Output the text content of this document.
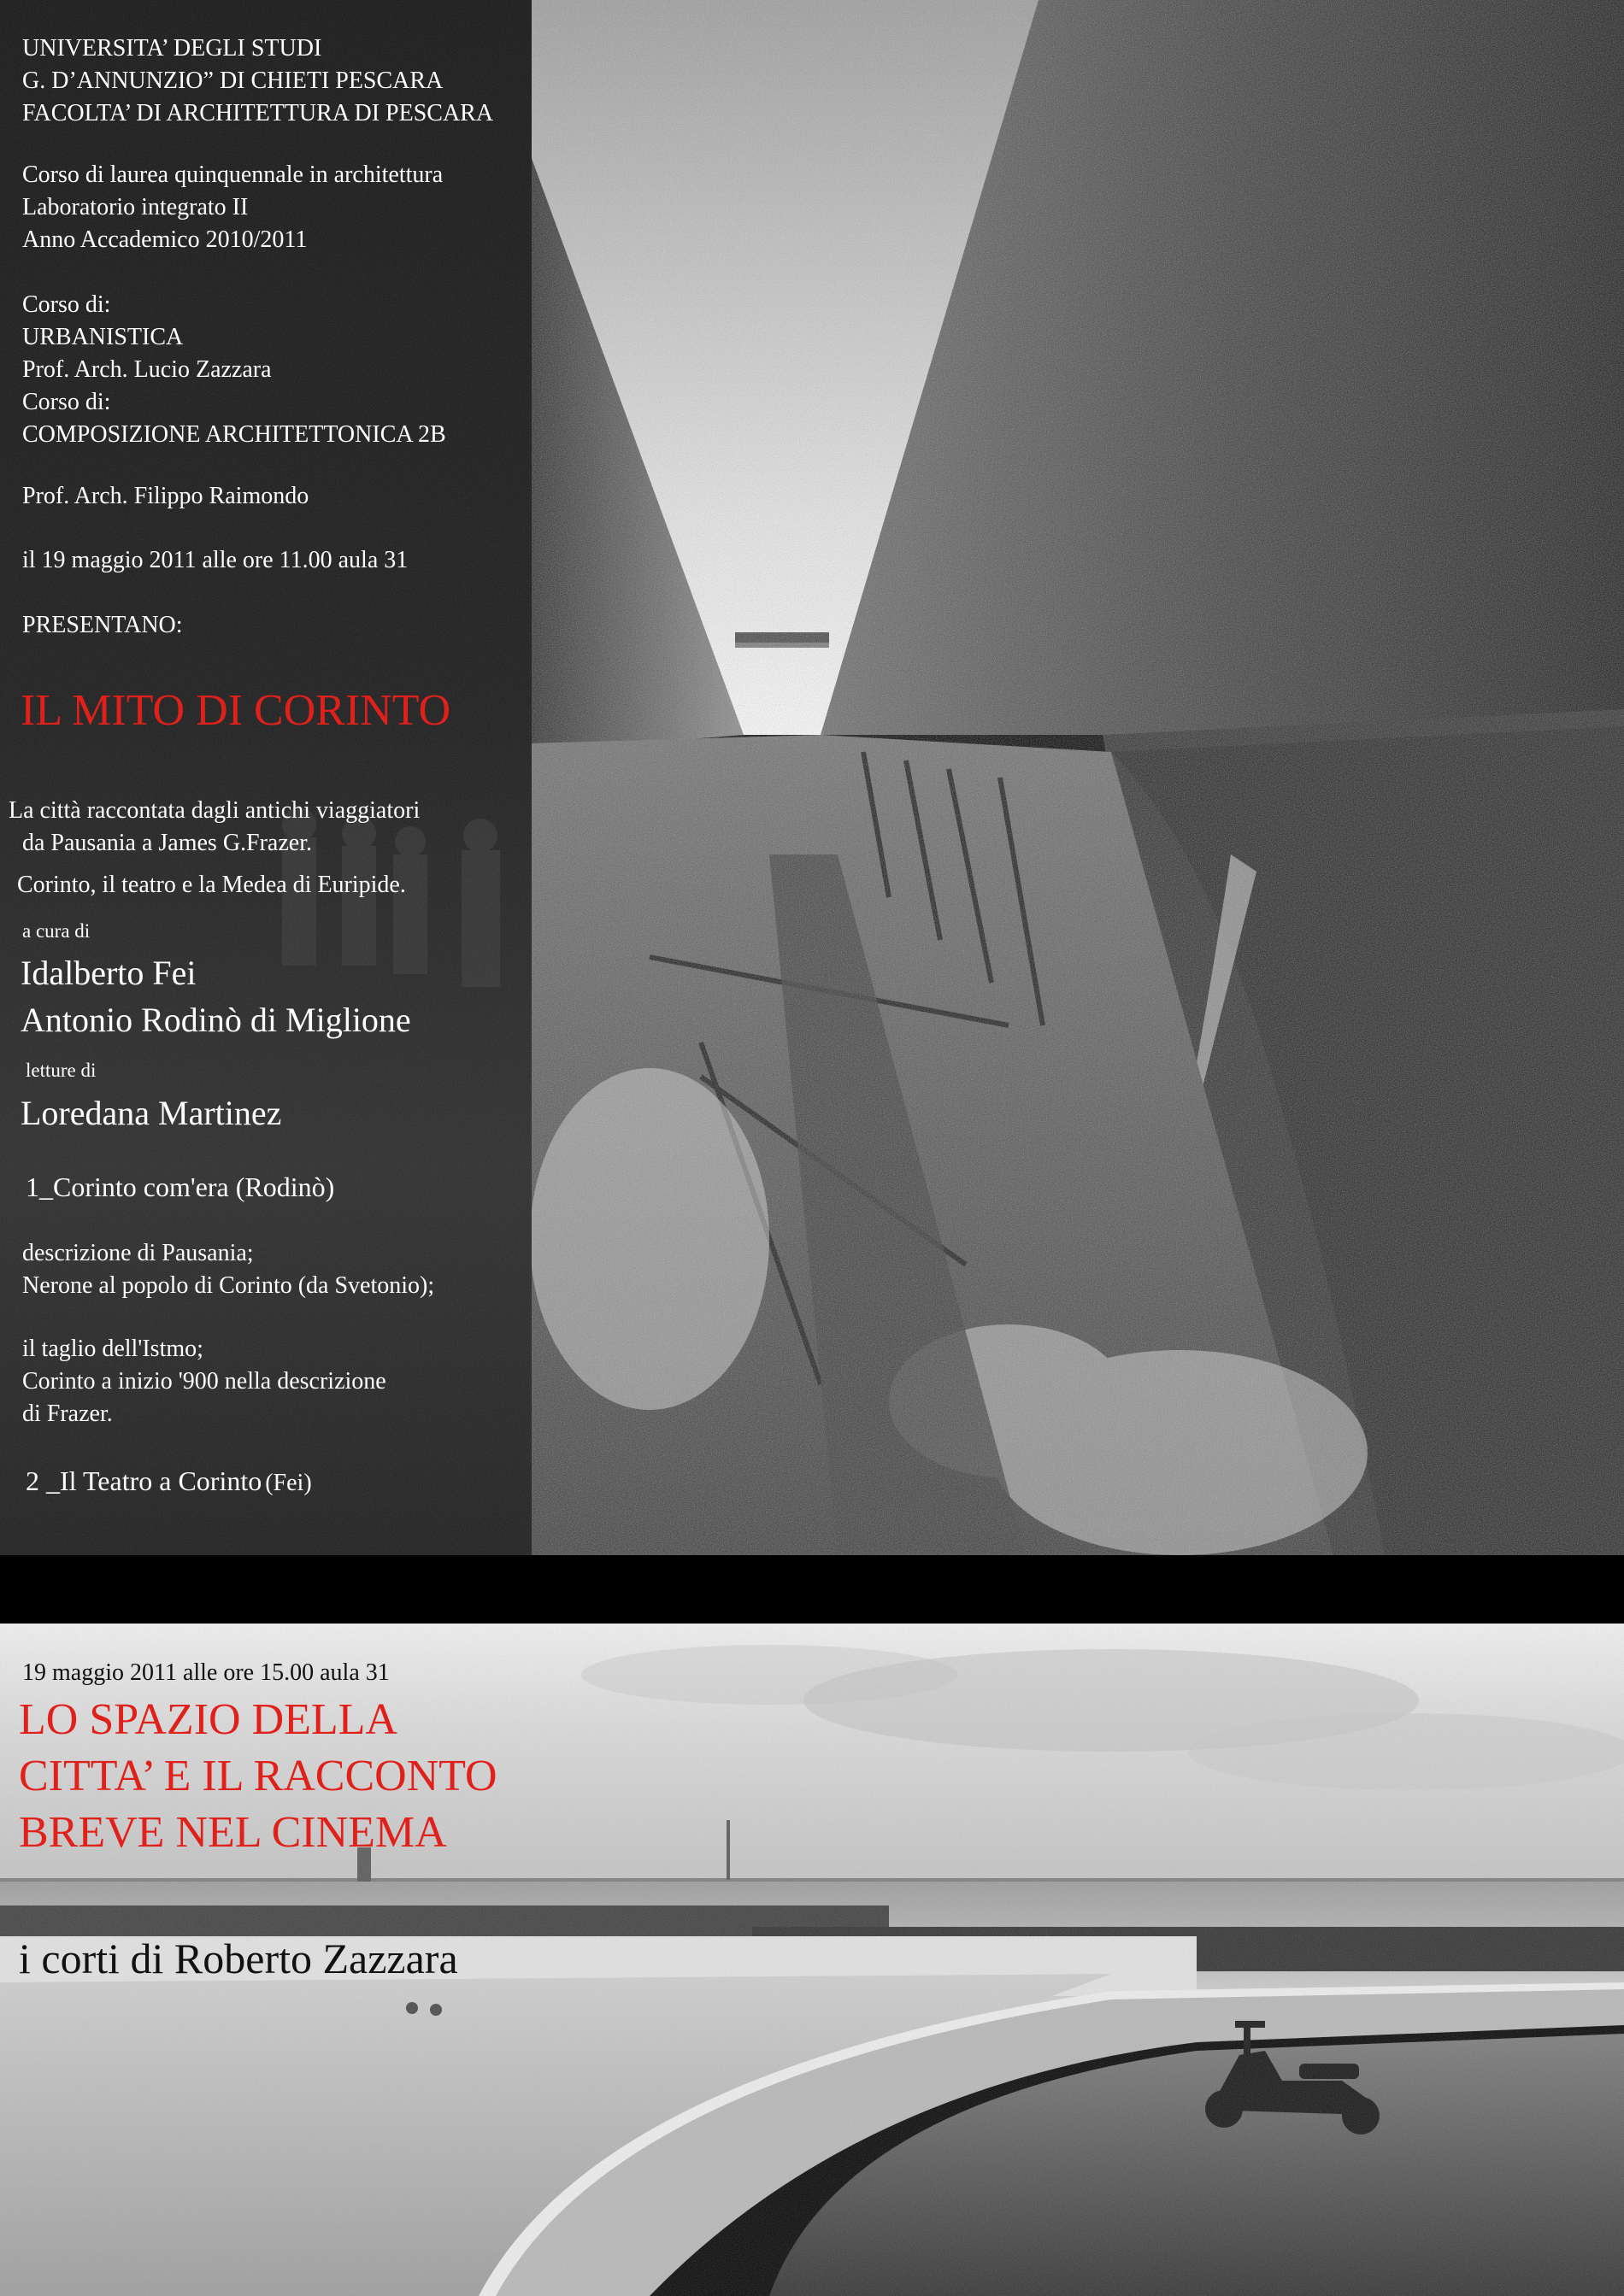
UNIVERSITA’ DEGLI STUDI
G. D’ANNUNZIO” DI CHIETI PESCARA
FACOLTA’ DI ARCHITETTURA DI PESCARA
Corso di laurea quinquennale in architettura
Laboratorio integrato II
Anno Accademico 2010/2011
Corso di:
URBANISTICA
Prof. Arch. Lucio Zazzara
Corso di:
COMPOSIZIONE ARCHITETTONICA 2B
Prof. Arch. Filippo Raimondo
il 19 maggio 2011 alle ore 11.00 aula 31
PRESENTANO:
IL MITO DI CORINTO
La città raccontata dagli antichi viaggiatori
da Pausania a James G.Frazer.
Corinto, il teatro e la Medea di Euripide.
a cura di
Idalberto Fei
Antonio Rodinò di Miglione
letture di
Loredana Martinez
1_Corinto com'era (Rodinò)
descrizione di Pausania;
Nerone al popolo di Corinto (da Svetonio);
il taglio dell'Istmo;
Corinto a inizio '900 nella descrizione
di Frazer.
2 _Il Teatro a Corinto (Fei)
19 maggio 2011 alle ore 15.00 aula 31
LO SPAZIO DELLA
CITTA’ E IL RACCONTO
BREVE NEL CINEMA
i corti di Roberto Zazzara
